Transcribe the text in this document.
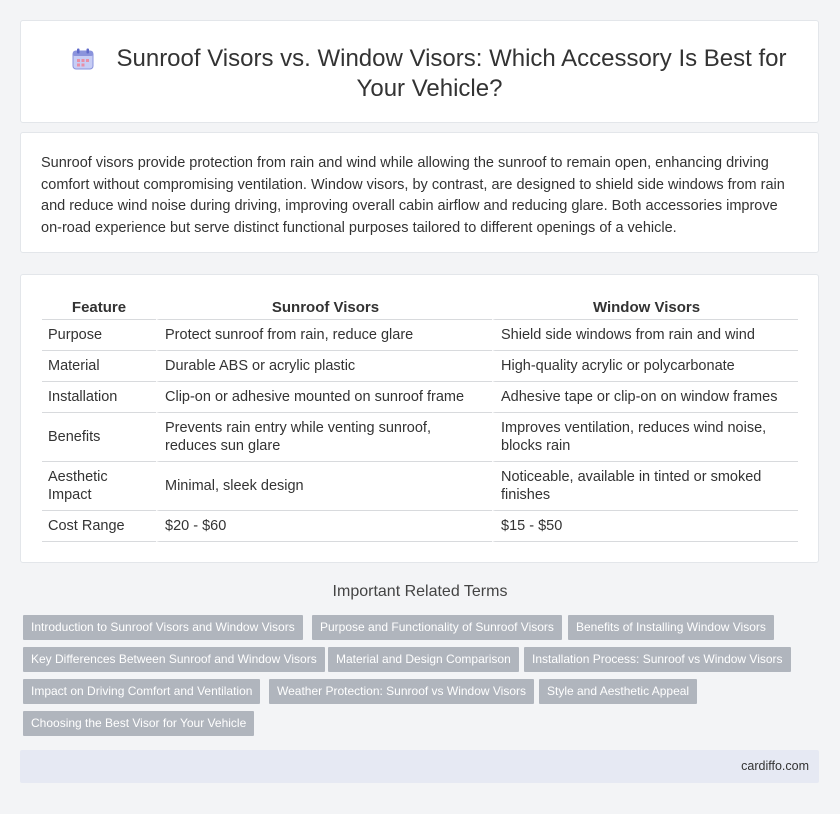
Sunroof Visors vs. Window Visors: Which Accessory Is Best for Your Vehicle?
Sunroof visors provide protection from rain and wind while allowing the sunroof to remain open, enhancing driving comfort without compromising ventilation. Window visors, by contrast, are designed to shield side windows from rain and reduce wind noise during driving, improving overall cabin airflow and reducing glare. Both accessories improve on-road experience but serve distinct functional purposes tailored to different openings of a vehicle.
Feature	Sunroof Visors	Window Visors
Purpose	Protect sunroof from rain, reduce glare	Shield side windows from rain and wind
Material	Durable ABS or acrylic plastic	High-quality acrylic or polycarbonate
Installation	Clip-on or adhesive mounted on sunroof frame	Adhesive tape or clip-on on window frames
Benefits	Prevents rain entry while venting sunroof, reduces sun glare	Improves ventilation, reduces wind noise, blocks rain
Aesthetic Impact	Minimal, sleek design	Noticeable, available in tinted or smoked finishes
Cost Range	$20 - $60	$15 - $50
Important Related Terms
Introduction to Sunroof Visors and Window Visors	Purpose and Functionality of Sunroof Visors	Benefits of Installing Window Visors
Key Differences Between Sunroof and Window Visors	Material and Design Comparison	Installation Process: Sunroof vs Window Visors
Impact on Driving Comfort and Ventilation	Weather Protection: Sunroof vs Window Visors	Style and Aesthetic Appeal
Choosing the Best Visor for Your Vehicle
cardiffo.com
